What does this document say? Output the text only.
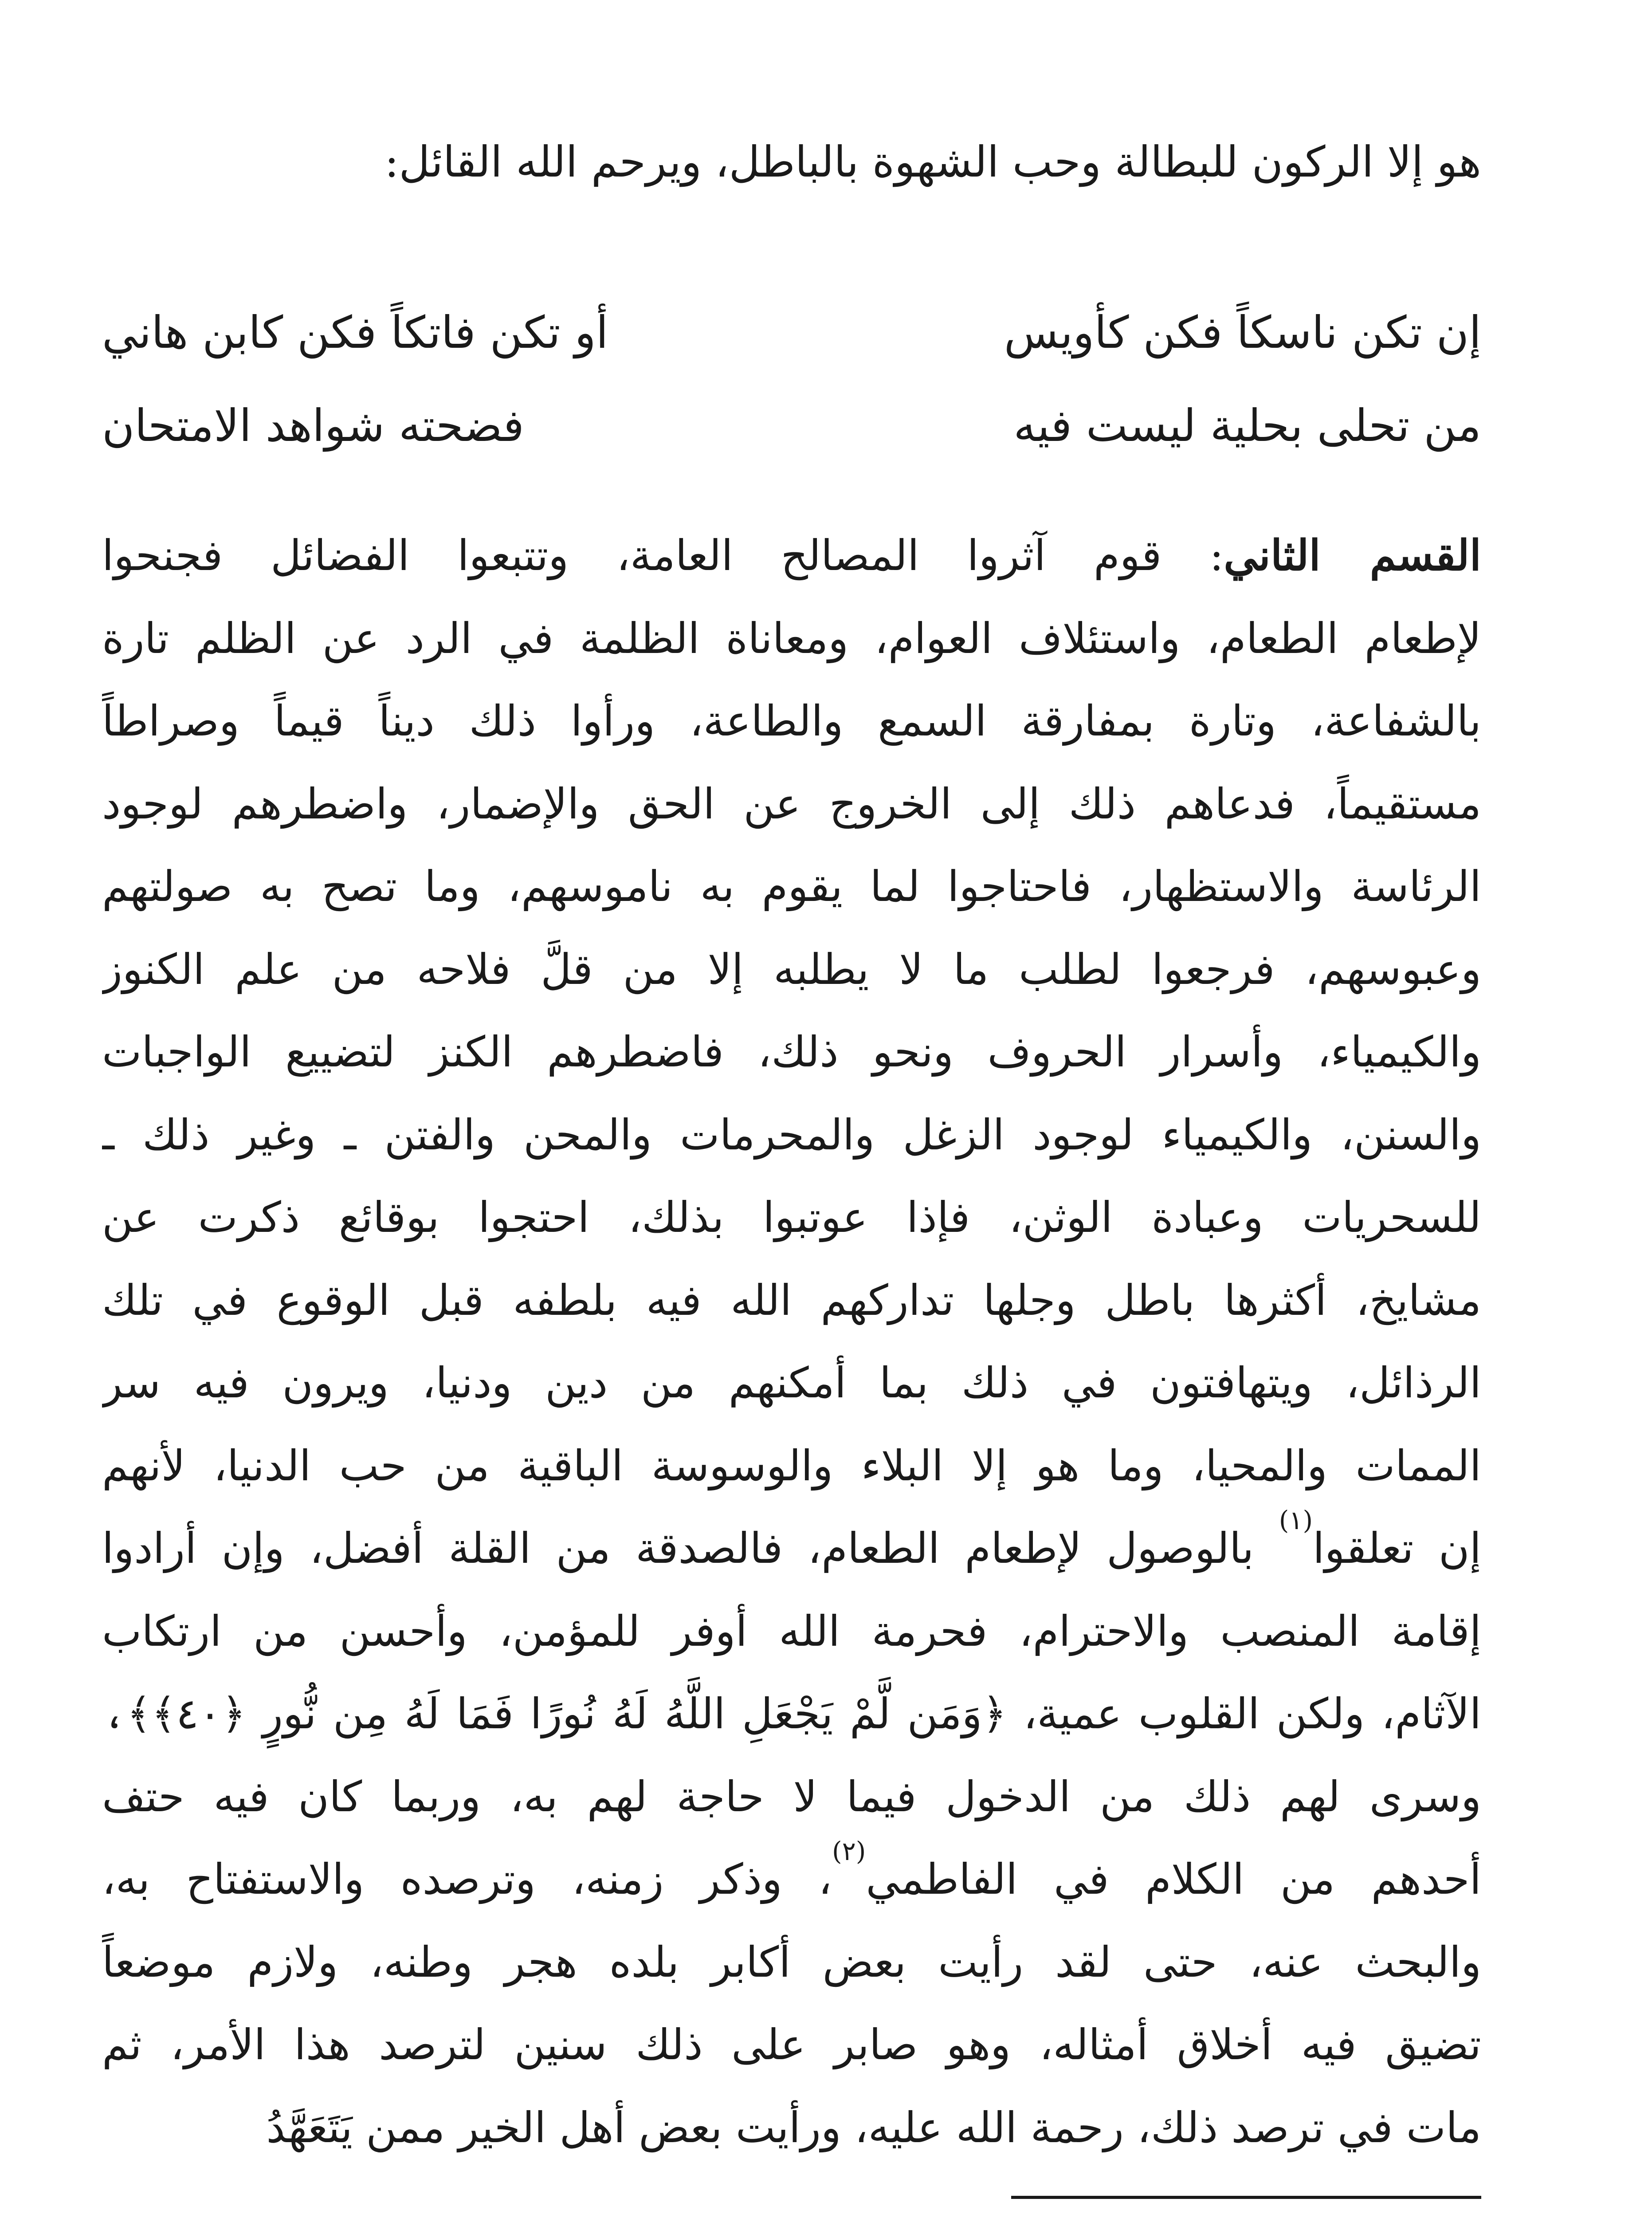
هو إلا الركون للبطالة وحب الشهوة بالباطل، ويرحم الله القائل:
إن تكن ناسكاً فكن كأويس
أو تكن فاتكاً فكن كابن هاني
من تحلى بحلية ليست فيه
فضحته شواهد الامتحان
القسم الثاني: قوم آثروا المصالح العامة، وتتبعوا الفضائل فجنحوا
لإطعام الطعام، واستئلاف العوام، ومعاناة الظلمة في الرد عن الظلم تارة
بالشفاعة، وتارة بمفارقة السمع والطاعة، ورأوا ذلك ديناً قيماً وصراطاً
مستقيماً، فدعاهم ذلك إلى الخروج عن الحق والإضمار، واضطرهم لوجود
الرئاسة والاستظهار، فاحتاجوا لما يقوم به ناموسهم، وما تصح به صولتهم
وعبوسهم، فرجعوا لطلب ما لا يطلبه إلا من قلَّ فلاحه من علم الكنوز
والكيمياء، وأسرار الحروف ونحو ذلك، فاضطرهم الكنز لتضييع الواجبات
والسنن، والكيمياء لوجود الزغل والمحرمات والمحن والفتن ـ وغير ذلك ـ
للسحريات وعبادة الوثن، فإذا عوتبوا بذلك، احتجوا بوقائع ذكرت عن
مشايخ، أكثرها باطل وجلها تداركهم الله فيه بلطفه قبل الوقوع في تلك
الرذائل، ويتهافتون في ذلك بما أمكنهم من دين ودنيا، ويرون فيه سر
الممات والمحيا، وما هو إلا البلاء والوسوسة الباقية من حب الدنيا، لأنهم
إن تعلقوا$^{(١)}$ بالوصول لإطعام الطعام، فالصدقة من القلة أفضل، وإن أرادوا
إقامة المنصب والاحترام، فحرمة الله أوفر للمؤمن، وأحسن من ارتكاب
الآثام، ولكن القلوب عمية، ﴿وَمَن لَّمْ يَجْعَلِ اللَّهُ لَهُ نُورًا فَمَا لَهُ مِن نُّورٍ ﴿٤٠﴾﴾،
وسرى لهم ذلك من الدخول فيما لا حاجة لهم به، وربما كان فيه حتف
أحدهم من الكلام في الفاطمي$^{(٢)}$، وذكر زمنه، وترصده والاستفتاح به،
والبحث عنه، حتى لقد رأيت بعض أكابر بلده هجر وطنه، ولازم موضعاً
تضيق فيه أخلاق أمثاله، وهو صابر على ذلك سنين لترصد هذا الأمر، ثم
مات في ترصد ذلك، رحمة الله عليه، ورأيت بعض أهل الخير ممن يَتَعَهَّدُ
